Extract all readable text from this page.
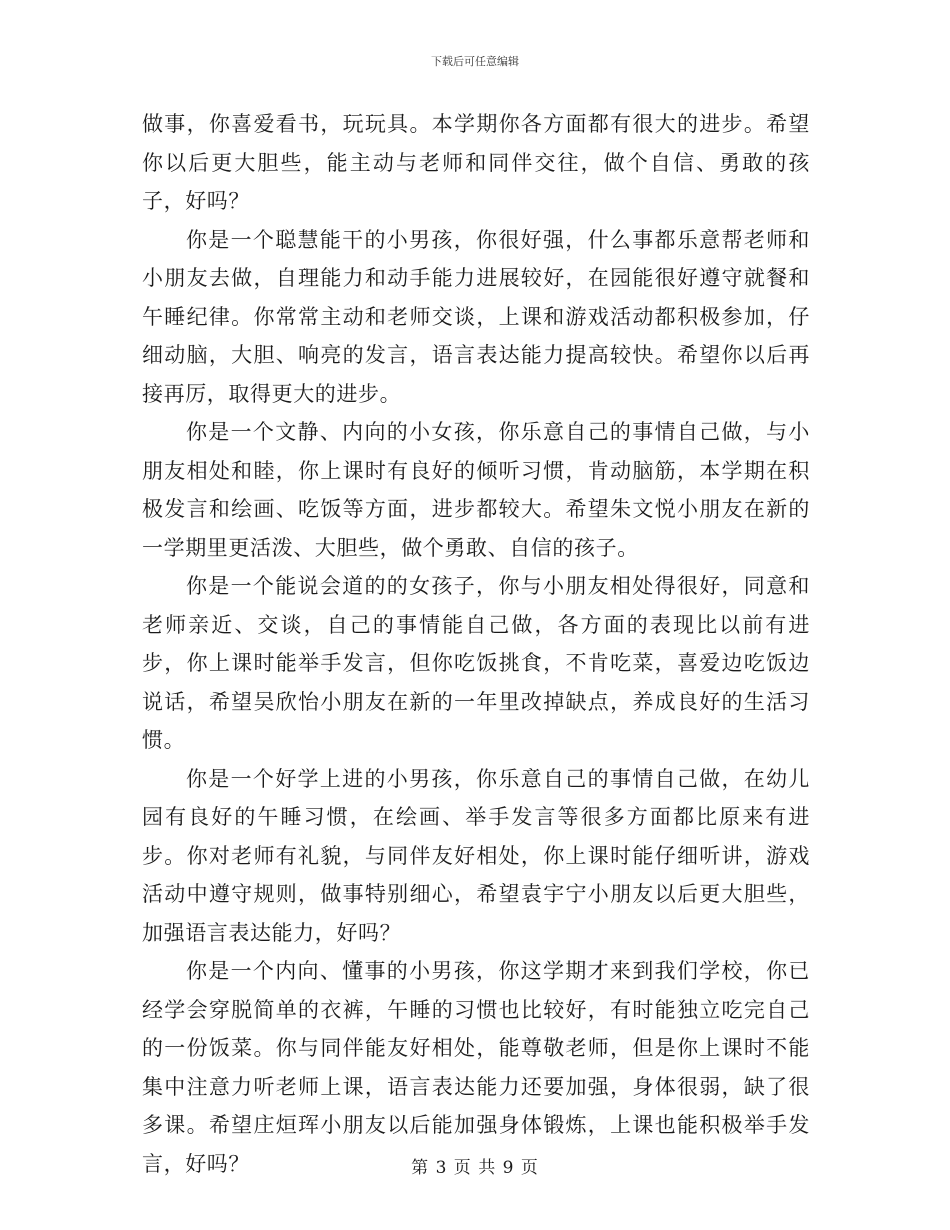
下载后可任意编辑

做事，你喜爱看书，玩玩具。本学期你各方面都有很大的进步。希望你以后更大胆些，能主动与老师和同伴交往，做个自信、勇敢的孩子，好吗？

你是一个聪慧能干的小男孩，你很好强，什么事都乐意帮老师和小朋友去做，自理能力和动手能力进展较好，在园能很好遵守就餐和午睡纪律。你常常主动和老师交谈，上课和游戏活动都积极参加，仔细动脑，大胆、响亮的发言，语言表达能力提高较快。希望你以后再接再厉，取得更大的进步。

你是一个文静、内向的小女孩，你乐意自己的事情自己做，与小朋友相处和睦，你上课时有良好的倾听习惯，肯动脑筋，本学期在积极发言和绘画、吃饭等方面，进步都较大。希望朱文悦小朋友在新的一学期里更活泼、大胆些，做个勇敢、自信的孩子。

你是一个能说会道的的女孩子，你与小朋友相处得很好，同意和老师亲近、交谈，自己的事情能自己做，各方面的表现比以前有进步，你上课时能举手发言，但你吃饭挑食，不肯吃菜，喜爱边吃饭边说话，希望吴欣怡小朋友在新的一年里改掉缺点，养成良好的生活习惯。

你是一个好学上进的小男孩，你乐意自己的事情自己做，在幼儿园有良好的午睡习惯，在绘画、举手发言等很多方面都比原来有进步。你对老师有礼貌，与同伴友好相处，你上课时能仔细听讲，游戏活动中遵守规则，做事特别细心，希望袁宇宁小朋友以后更大胆些，加强语言表达能力，好吗？

你是一个内向、懂事的小男孩，你这学期才来到我们学校，你已经学会穿脱简单的衣裤，午睡的习惯也比较好，有时能独立吃完自己的一份饭菜。你与同伴能友好相处，能尊敬老师，但是你上课时不能集中注意力听老师上课，语言表达能力还要加强，身体很弱，缺了很多课。希望庄烜珲小朋友以后能加强身体锻炼，上课也能积极举手发言，好吗？	第 3 页 共 9 页
